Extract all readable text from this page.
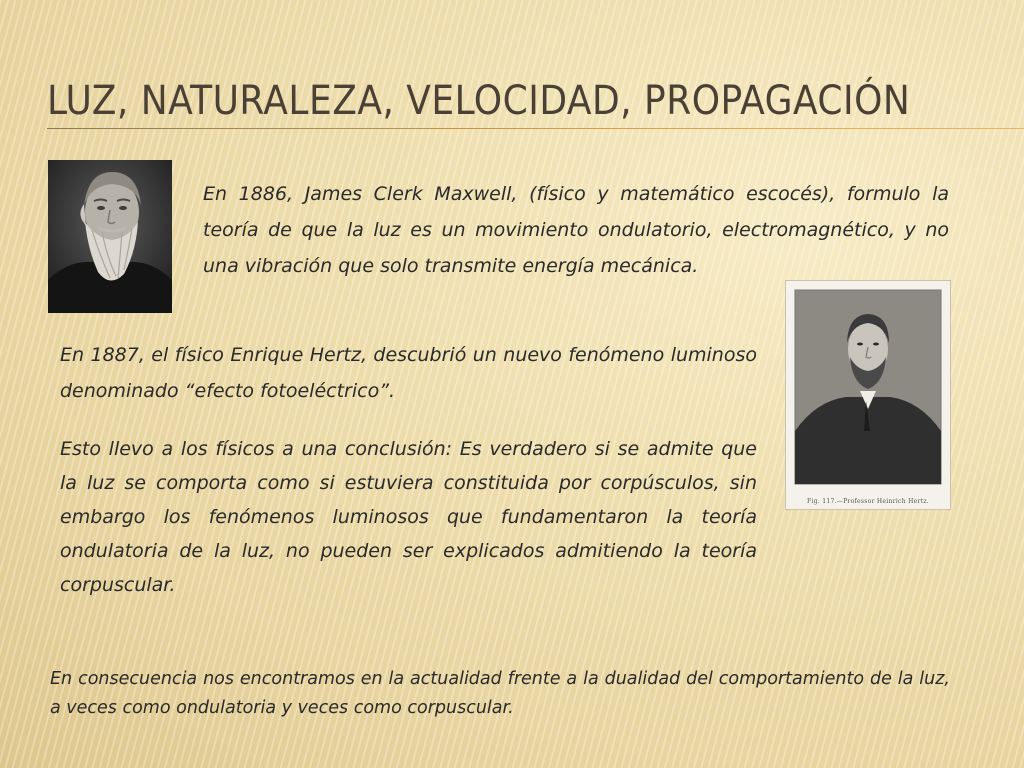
LUZ, NATURALEZA, VELOCIDAD, PROPAGACIÓN

En 1886, James Clerk Maxwell, (físico y matemático escocés), formulo la teoría de que la luz es un movimiento ondulatorio, electromagnético, y no una vibración que solo transmite energía mecánica.

Fig. 117.—Professor Heinrich Hertz.

En 1887, el físico Enrique Hertz, descubrió un nuevo fenómeno luminoso denominado “efecto fotoeléctrico”.

Esto llevo a los físicos a una conclusión: Es verdadero si se admite que la luz se comporta como si estuviera constituida por corpúsculos, sin embargo los fenómenos luminosos que fundamentaron la teoría ondulatoria de la luz, no pueden ser explicados admitiendo la teoría corpuscular.

En consecuencia nos encontramos en la actualidad frente a la dualidad del comportamiento de la luz, a veces como ondulatoria y veces como corpuscular.
